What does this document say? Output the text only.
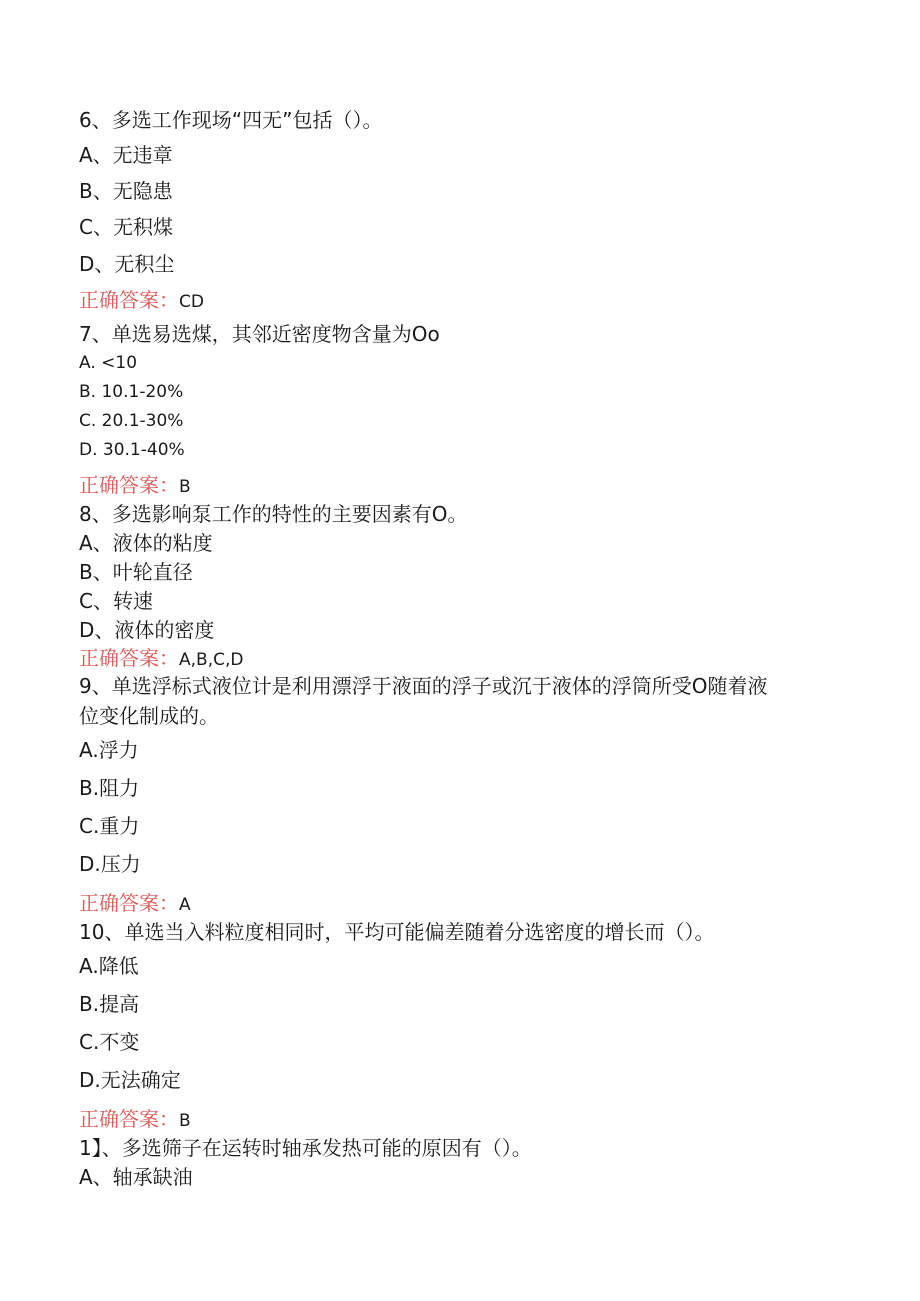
6、多选工作现场“四无”包括（）。
A、无违章
B、无隐患
C、无积煤
D、无积尘
正确答案：CD
7、单选易选煤，其邻近密度物含量为Oo
A. <10
B. 10.1-20%
C. 20.1-30%
D. 30.1-40%
正确答案：B
8、多选影响泵工作的特性的主要因素有O。
A、液体的粘度
B、叶轮直径
C、转速
D、液体的密度
正确答案：A,B,C,D
9、单选浮标式液位计是利用漂浮于液面的浮子或沉于液体的浮筒所受O随着液
位变化制成的。
A.浮力
B.阻力
C.重力
D.压力
正确答案：A
10、单选当入料粒度相同时，平均可能偏差随着分选密度的增长而（）。
A.降低
B.提高
C.不变
D.无法确定
正确答案：B
1】、多选筛子在运转时轴承发热可能的原因有（）。
A、轴承缺油
